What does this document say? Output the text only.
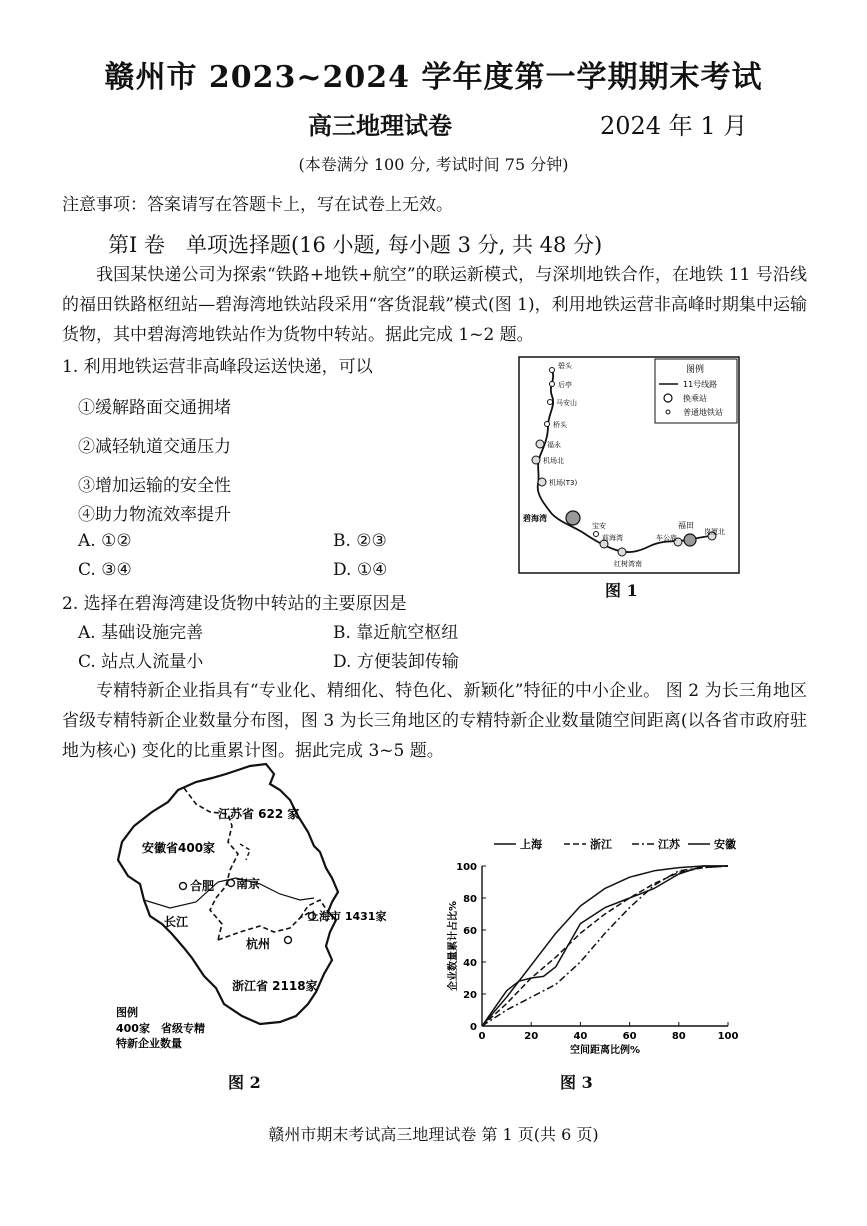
赣州市 2023~2024 学年度第一学期期末考试
高三地理试卷	2024 年 1 月
(本卷满分 100 分, 考试时间 75 分钟)
注意事项：答案请写在答题卡上，写在试卷上无效。
第Ⅰ 卷　单项选择题(16 小题, 每小题 3 分, 共 48 分)
我国某快递公司为探索“铁路+地铁+航空”的联运新模式，与深圳地铁合作，在地铁 11 号沿线的福田铁路枢纽站—碧海湾地铁站段采用“客货混载”模式(图 1)，利用地铁运营非高峰时期集中运输货物，其中碧海湾地铁站作为货物中转站。据此完成 1~2 题。
1. 利用地铁运营非高峰段运送快递，可以
①缓解路面交通拥堵
②减轻轨道交通压力
③增加运输的安全性
④助力物流效率提升
A. ①②	B. ②③
C. ③④	D. ①④
2. 选择在碧海湾建设货物中转站的主要原因是
A. 基础设施完善	B. 靠近航空枢纽
C. 站点人流量小	D. 方便装卸传输
专精特新企业指具有“专业化、精细化、特色化、新颖化”特征的中小企业。 图 2 为长三角地区省级专精特新企业数量分布图，图 3 为长三角地区的专精特新企业数量随空间距离(以各省市政府驻地为核心) 变化的比重累计图。据此完成 3~5 题。
图例
11号线路
换乘站
普通地铁站
碧头
后亭
马安山
桥头
福永
机场北
机场(T3)
碧海湾
宝安
前海湾
红树湾南
车公庙
福田
岗厦北
图 1
江苏省 622 家
安徽省400家
合肥 南京
长江	上海市 1431家
杭州
浙江省 2118家
图例
400家　省级专精
特新企业数量
图 2
上海	浙江	江苏	安徽
0	20	40	60	80	100
0
20
40
60
80
100
空间距离比例%
企业数量累计占比%
图 3
赣州市期末考试高三地理试卷 第 1 页(共 6 页)
